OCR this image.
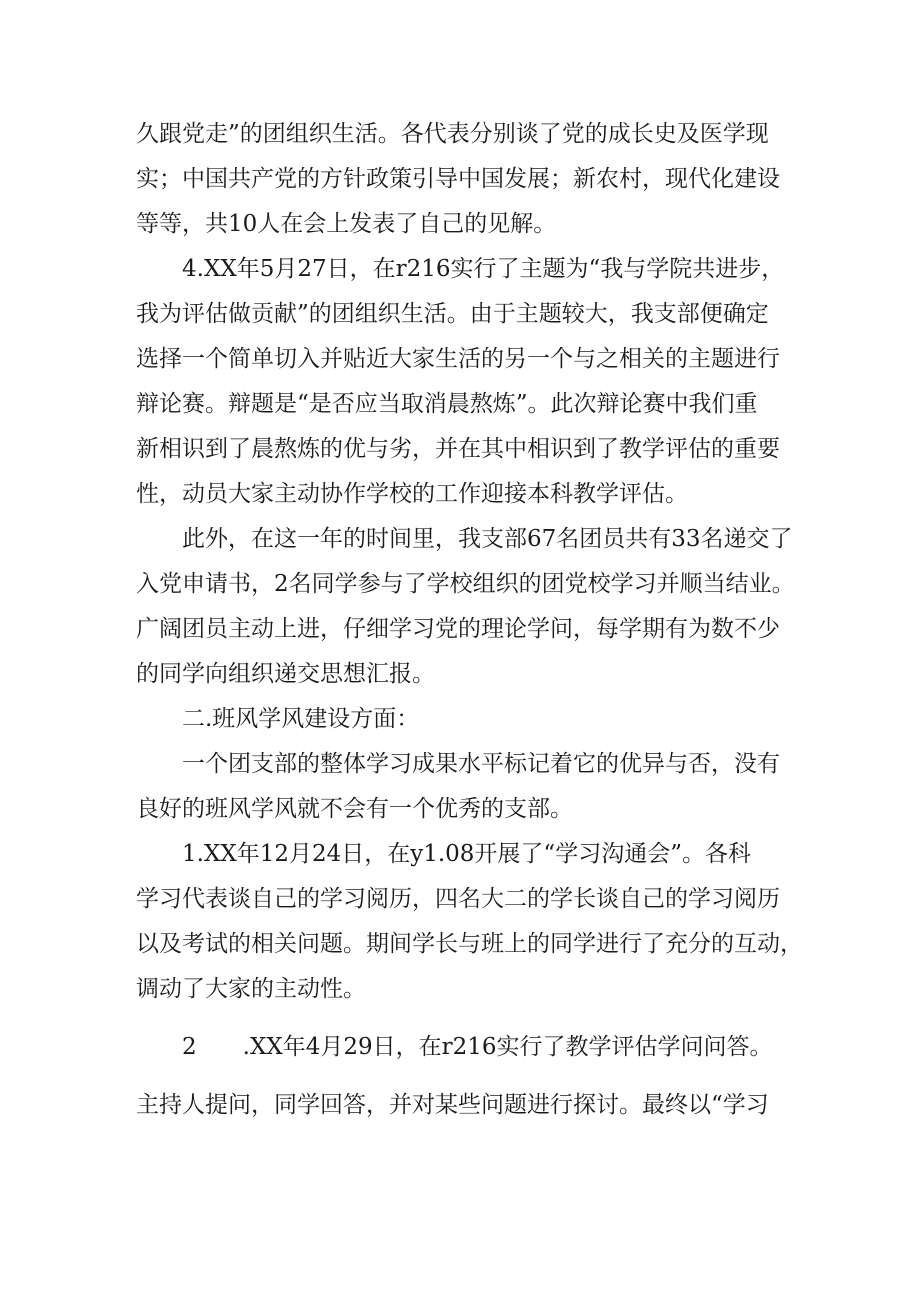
久跟党走”的团组织生活。各代表分别谈了党的成长史及医学现
实；中国共产党的方针政策引导中国发展；新农村，现代化建设
等等，共10人在会上发表了自己的见解。

4.XX年5月27日，在r216实行了主题为“我与学院共进步，
我为评估做贡献”的团组织生活。由于主题较大，我支部便确定
选择一个简单切入并贴近大家生活的另一个与之相关的主题进行
辩论赛。辩题是“是否应当取消晨熬炼”。此次辩论赛中我们重
新相识到了晨熬炼的优与劣，并在其中相识到了教学评估的重要
性，动员大家主动协作学校的工作迎接本科教学评估。

此外，在这一年的时间里，我支部67名团员共有33名递交了
入党申请书，2名同学参与了学校组织的团党校学习并顺当结业。
广阔团员主动上进，仔细学习党的理论学问，每学期有为数不少
的同学向组织递交思想汇报。

二.班风学风建设方面：

一个团支部的整体学习成果水平标记着它的优异与否，没有
良好的班风学风就不会有一个优秀的支部。

1.XX年12月24日，在y1.08开展了“学习沟通会”。各科
学习代表谈自己的学习阅历，四名大二的学长谈自己的学习阅历
以及考试的相关问题。期间学长与班上的同学进行了充分的互动，
调动了大家的主动性。

2　　.XX年4月29日，在r216实行了教学评估学问问答。

主持人提问，同学回答，并对某些问题进行探讨。最终以“学习
